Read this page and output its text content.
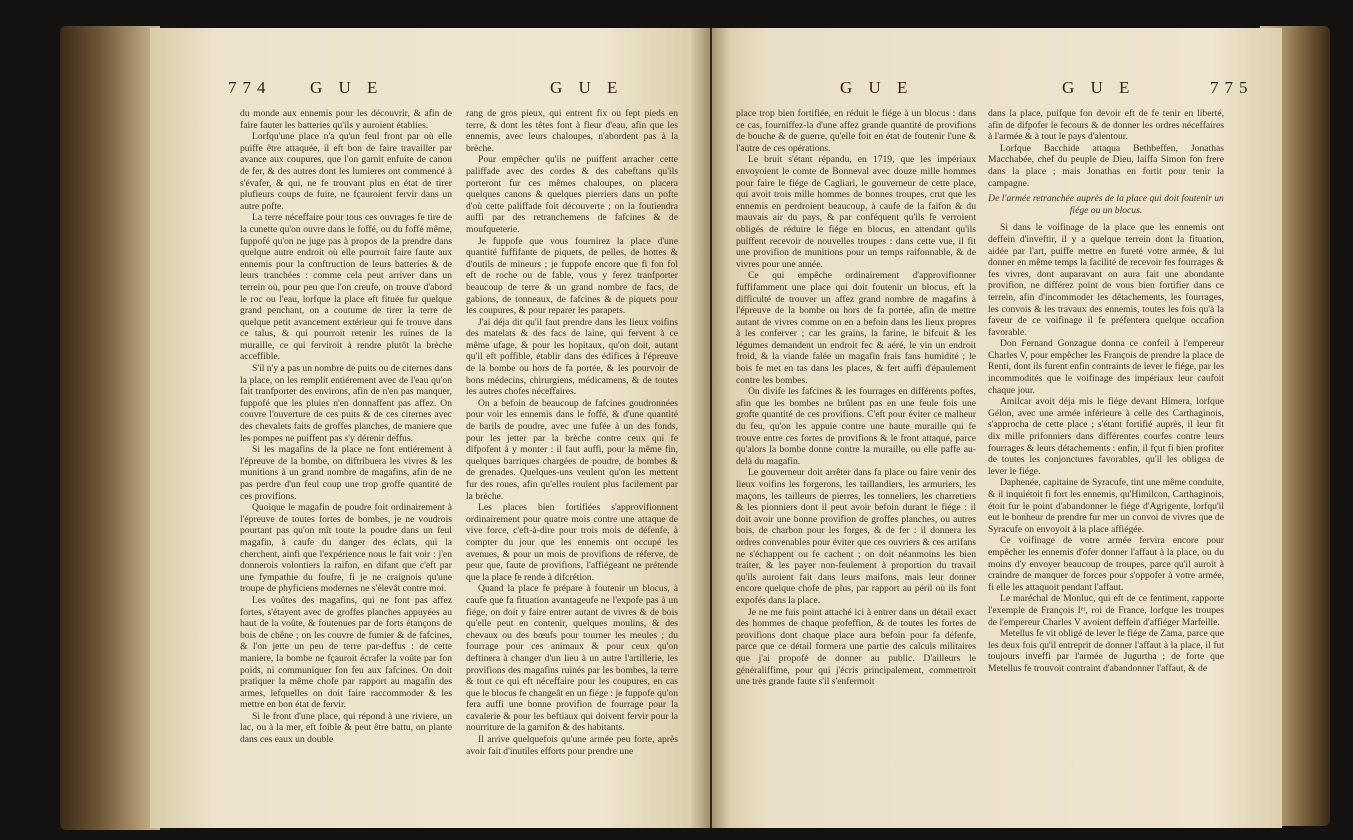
774 G U E	G U E

du monde aux ennemis pour les découvrir, & afin de faire fauter les batteries qu'ils y auroient établies.

Lorfqu'une place n'a qu'un feul front par où elle puiffe être attaquée, il eft bon de faire travailler par avance aux coupures, que l'on garnit enfuite de canon de fer, & des autres dont les lumieres ont commencé à s'évafer, & qui, ne fe trouvant plus en état de tirer plufieurs coups de fuite, ne fçauroient fervir dans un autre pofte.

La terre néceffaire pour tous ces ouvrages fe tire de la cunette qu'on ouvre dans le foffé, ou du foffé même, fuppofé qu'on ne juge pas à propos de la prendre dans quelque autre endroit où elle pourroit faire faute aux ennemis pour la conftruction de leurs batteries & de leurs tranchées : comme cela peut arriver dans un terrein où, pour peu que l'on creufe, on trouve d'abord le roc ou l'eau, lorfque la place eft fituée fur quelque grand penchant, on a coutume de tirer la terre de quelque petit avancement extérieur qui fe trouve dans ce talus, & qui pourroit retenir les ruines de la muraille, ce qui ferviroit à rendre plutôt la brèche acceffible.

S'il n'y a pas un nombre de puits ou de citernes dans la place, on les remplit entiérement avec de l'eau qu'on fait tranfporter des environs, afin de n'en pas manquer, fuppofé que les pluies n'en donnaffent pas affez. On couvre l'ouverture de ces puits & de ces citernes avec des chevalets faits de groffes planches, de maniere que les pompes ne puiffent pas s'y dérenir deffus.

Si les magafins de la place ne font entiérement à l'épreuve de la bombe, on diftribuera les vivres & les munitions à un grand nombre de magafins, afin de ne pas perdre d'un feul coup une trop groffe quantité de ces provifions.

Quoique le magafin de poudre foit ordinairement à l'épreuve de toutes fortes de bombes, je ne voudrois pourtant pas qu'on mît toute la poudre dans un feul magafin, à caufe du danger des éclats, qui la cherchent, ainfi que l'expérience nous le fait voir : j'en donnerois volontiers la raifon, en difant que c'eft par une fympathie du foufre, fi je ne craignois qu'une troupe de phyficiens modernes ne s'élevât contre moi.

Les voûtes des magafins, qui ne font pas affez fortes, s'étayent avec de groffes planches appuyées au haut de la voûte, & foutenues par de forts étançons de bois de chêne ; on les couvre de fumier & de fafcines, & l'on jette un peu de terre par-deffus : de cette maniere, la bombe ne fçauroit écrafer la voûte par fon poids, ni communiquer fon feu aux fafcines. On doit pratiquer la même chofe par rapport au magafin des armes, lefquelles on doit faire raccommoder & les mettre en bon état de fervir.

Si le front d'une place, qui répond à une riviere, un lac, ou à la mer, eft foible & peut être battu, on plante dans ces eaux un double

rang de gros pieux, qui entrent fix ou fept pieds en terre, & dont les têtes font à fleur d'eau, afin que les ennemis, avec leurs chaloupes, n'abordent pas à la brèche.

Pour empêcher qu'ils ne puiffent arracher cette paliffade avec des cordes & des cabeftans qu'ils porteront fur ces mêmes chaloupes, on placera quelques canons & quelques pierriers dans un pofte d'où cette paliffade foit découverte ; on la foutiendra auffi par des retranchemens de fafcines & de moufqueterie.

Je fuppofe que vous fournirez la place d'une quantité fuffifante de piquets, de pelles, de hottes & d'outils de mineurs ; je fuppofe encore que fi fon fol eft de roche ou de fable, vous y ferez tranfporter beaucoup de terre & un grand nombre de facs, de gabions, de tonneaux, de fafcines & de piquets pour les coupures, & pour reparer les parapets.

J'ai déja dit qu'il faut prendre dans les lieux voifins des matelats & des facs de laine, qui fervent à ce même ufage, & pour les hopitaux, qu'on doit, autant qu'il eft poffible, établir dans des édifices à l'épreuve de la bombe ou hors de fa portée, & les pourvoir de bons médecins, chirurgiens, médicamens, & de toutes les autres chofes néceffaires.

On a befoin de beaucoup de fafcines goudronnées pour voir les ennemis dans le foffé, & d'une quantité de barils de poudre, avec une fufée à un des fonds, pour les jetter par la brèche contre ceux qui fe difpofent à y monter : il faut auffi, pour la même fin, quelques barriques chargées de poudre, de bombes & de grenades. Quelques-uns veulent qu'on les mettent fur des roues, afin qu'elles roulent plus facilement par la brèche.

Les places bien fortifiées s'approvifionnent ordinairement pour quatre mois contre une attaque de vive force, c'eft-à-dire pour trois mois de défenfe, à compter du jour que les ennemis ont occupé les avenues, & pour un mois de provifions de réferve, de peur que, faute de provifions, l'affiégeant ne prétende que la place fe rende à difcrétion.

Quand la place fe prépare à foutenir un blocus, à caufe que fa fituation avantageufe ne l'expofe pas à un fiége, on doit y faire entrer autant de vivres & de bois qu'elle peut en contenir, quelques moulins, & des chevaux ou des bœufs pour tourner les meules ; du fourrage pour ces animaux & pour ceux qu'on deftinera à changer d'un lieu à un autre l'artillerie, les provifions des magafins ruinés par les bombes, la terre & tout ce qui eft néceffaire pour les coupures, en cas que le blocus fe changeât en un fiége : je fuppofe qu'on fera auffi une bonne provifion de fourrage pour la cavalerie & pour les beftiaux qui doivent fervir pour la nourriture de la garnifon & des habitants.

Il arrive quelquefois qu'une armée peu forte, après avoir fait d'inutiles efforts pour prendre une

G U E	G U E	775

place trop bien fortifiée, en réduit le fiége à un blocus : dans ce cas, fourniffez-la d'une affez grande quantité de provifions de bouche & de guerre, qu'elle foit en état de foutenir l'une & l'autre de ces opérations.

Le bruit s'étant répandu, en 1719, que les impériaux envoyoient le comte de Bonneval avec douze mille hommes pour faire le fiége de Cagliari, le gouverneur de cette place, qui avoit trois mille hommes de bonnes troupes, crut que les ennemis en perdroient beaucoup, à caufe de la faifon & du mauvais air du pays, & par conféquent qu'ils fe verroient obligés de réduire le fiége en blocus, en attendant qu'ils puiffent recevoir de nouvelles troupes : dans cette vue, il fit une provifion de munitions pour un temps raifonnable, & de vivres pour une année.

Ce qui empêche ordinairement d'approvifionner fuffifamment une place qui doit foutenir un blocus, eft la difficulté de trouver un affez grand nombre de magafins à l'épreuve de la bombe ou hors de fa portée, afin de mettre autant de vivres comme on en a befoin dans les lieux propres à les conferver ; car les grains, la farine, le bifcuit & les légumes demandent un endroit fec & aéré, le vin un endroit froid, & la viande falée un magafin frais fans humidité ; le bois fe met en tas dans les places, & fert auffi d'épaulement contre les bombes.

On divife les fafcines & les fourrages en différents poftes, afin que les bombes ne brûlent pas en une feule fois une grofte quantité de ces provifions. C'eft pour éviter ce malheur du feu, qu'on les appuie contre une haute muraille qui fe trouve entre ces fortes de provifions & le front attaqué, parce qu'alors la bombe donne contre la muraille, ou elle paffe au-delà du magafin.

Le gouverneur doit arrêter dans fa place ou faire venir des lieux voifins les forgerons, les taillandiers, les armuriers, les maçons, les tailleurs de pierres, les tonneliers, les charretiers & les pionniers dont il peut avoir befoin durant le fiége : il doit avoir une bonne provifion de groffes planches, ou autres bois, de charbon pour les forges, & de fer : il donnera les ordres convenables pour éviter que ces ouvriers & ces artifans ne s'échappent ou fe cachent ; on doit néanmoins les bien traiter, & les payer non-feulement à proportion du travail qu'ils auroient fait dans leurs maifons, mais leur donner encore quelque chofe de plus, par rapport au péril où ils font expofés dans la place.

Je ne me fuis point attaché ici à entrer dans un détail exact des hommes de chaque profeffion, & de toutes les fortes de provifions dont chaque place aura befoin pour fa défenfe, parce que ce détail formera une partie des calculs militaires que j'ai propofé de donner au public. D'ailleurs le généraliffime, pour qui j'écris principalement, commettroit une très grande faute s'il s'enfermoit

dans la place, puifque fon devoir eft de fe tenir en liberté, afin de difpofer le fecours & de donner les ordres néceffaires à l'armée & à tout le pays d'alentour.

Lorfque Bacchide attaqua Bethbeffen, Jonathas Macchabée, chef du peuple de Dieu, laiffa Simon fon frere dans la place ; mais Jonathas en fortit pour tenir la campagne.

De l'armée retranchée auprès de la place qui doit foutenir un fiége ou un blocus.

Si dans le voifinage de la place que les ennemis ont deffein d'inveftir, il y a quelque terrein dont la fituation, aidée par l'art, puiffe mettre en fureté votre armée, & lui donner en même temps la facilité de recevoir fes fourrages & fes vivres, dont auparavant on aura fait une abondante provifion, ne différez point de vous bien fortifier dans ce terrein, afin d'incommoder les détachements, les fourrages, les convois & les travaux des ennemis, toutes les fois qu'à la faveur de ce voifinage il fe préfentera quelque occafion favorable.

Don Fernand Gonzague donna ce confeil à l'empereur Charles V, pour empêcher les François de prendre la place de Renti, dont ils furent enfin contraints de lever le fiége, par les incommodités que le voifinage des impériaux leur caufoit chaque jour.

Amilcar avoit déja mis le fiége devant Himera, lorfque Gélon, avec une armée inférieure à celle des Carthaginois, s'approcha de cette place ; s'étant fortifié auprès, il leur fit dix mille prifonniers dans différentes courfes contre leurs fourrages & leurs détachements : enfin, il fçut fi bien profiter de toutes les conjonctures favorables, qu'il les obligea de lever le fiége.

Daphenée, capitaine de Syracufe, tint une même conduite, & il inquiétoit fi fort les ennemis, qu'Himilcon, Carthaginois, étoit fur le point d'abandonner le fiége d'Agrigente, lorfqu'il eut le bonheur de prendre fur mer un convoi de vivres que de Syracufe on envoyoit à la place affiégée.

Ce voifinage de votre armée fervira encore pour empêcher les ennemis d'ofer donner l'affaut à la place, ou du moins d'y envoyer beaucoup de troupes, parce qu'il auroit à craindre de manquer de forces pour s'oppofer à votre armée, fi elle les attaquoit pendant l'affaut.

Le maréchal de Monluc, qui eft de ce fentiment, rapporte l'exemple de François Iᵉʳ, roi de France, lorfque les troupes de l'empereur Charles V avoient deffein d'affiéger Marfeille.

Metellus fe vit obligé de lever le fiége de Zama, parce que les deux fois qu'il entreprit de donner l'affaut à la place, il fut toujours inveffi par l'armée de Jugurtha ; de forte que Metellus fe trouvoit contraint d'abandonner l'affaut, & de
